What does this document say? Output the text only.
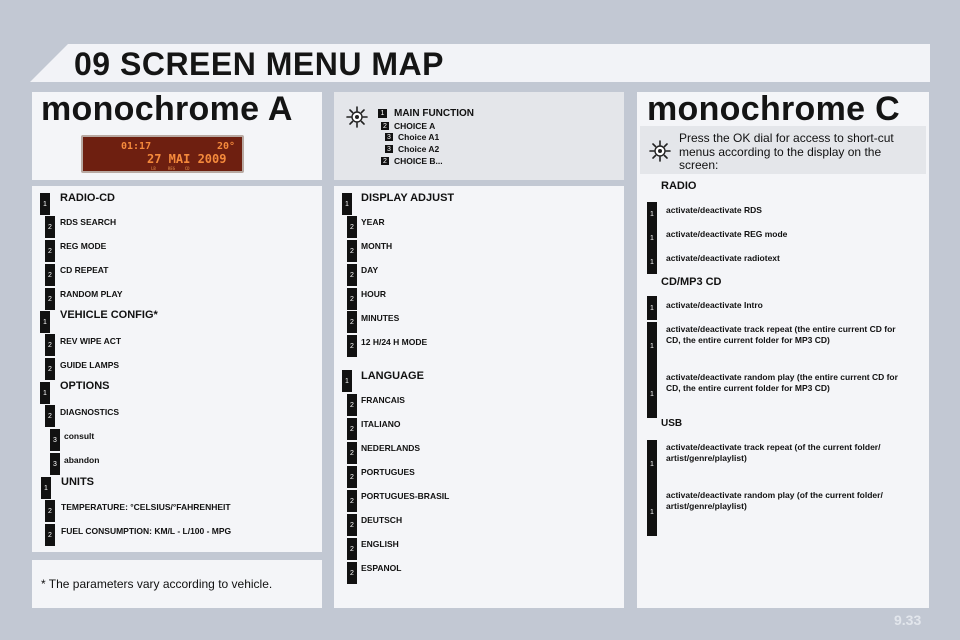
09 SCREEN MENU MAP
monochrome A
01:17	20°
27 MAI 2009
LB     REG    CD
1 MAIN FUNCTION
2 CHOICE A
3 Choice A1
3 Choice A2
2 CHOICE B...
monochrome C
Press the OK dial for access to short-cut menus according to the display on the screen:
1 RADIO-CD
2 RDS SEARCH
2 REG MODE
2 CD REPEAT
2 RANDOM PLAY
1
VEHICLE CONFIG*
2 REV WIPE ACT
2 GUIDE LAMPS
1
OPTIONS
2 DIAGNOSTICS
3 consult
3 abandon
1 UNITS
2	TEMPERATURE: °CELSIUS/°FAHRENHEIT
2	FUEL CONSUMPTION: KM/L - L/100 - MPG
* The parameters vary according to vehicle.
1 DISPLAY ADJUST
2 YEAR
2 MONTH
2 DAY
2 HOUR
2 MINUTES
2 12 H/24 H MODE
1 LANGUAGE
2 FRANCAIS
2 ITALIANO
2 NEDERLANDS
2 PORTUGUES
2 PORTUGUES-BRASIL
2 DEUTSCH
2 ENGLISH
2 ESPANOL
RADIO
1	activate/deactivate RDS
1	activate/deactivate REG mode
1	activate/deactivate radiotext
CD/MP3 CD
1	activate/deactivate Intro
1
activate/deactivate track repeat (the entire current CD for CD, the entire current folder for MP3 CD)
1
activate/deactivate random play (the entire current CD for CD, the entire current folder for MP3 CD)
USB
1
activate/deactivate track repeat (of the current folder/ artist/genre/playlist)
1
activate/deactivate random play (of the current folder/ artist/genre/playlist)
9.33
